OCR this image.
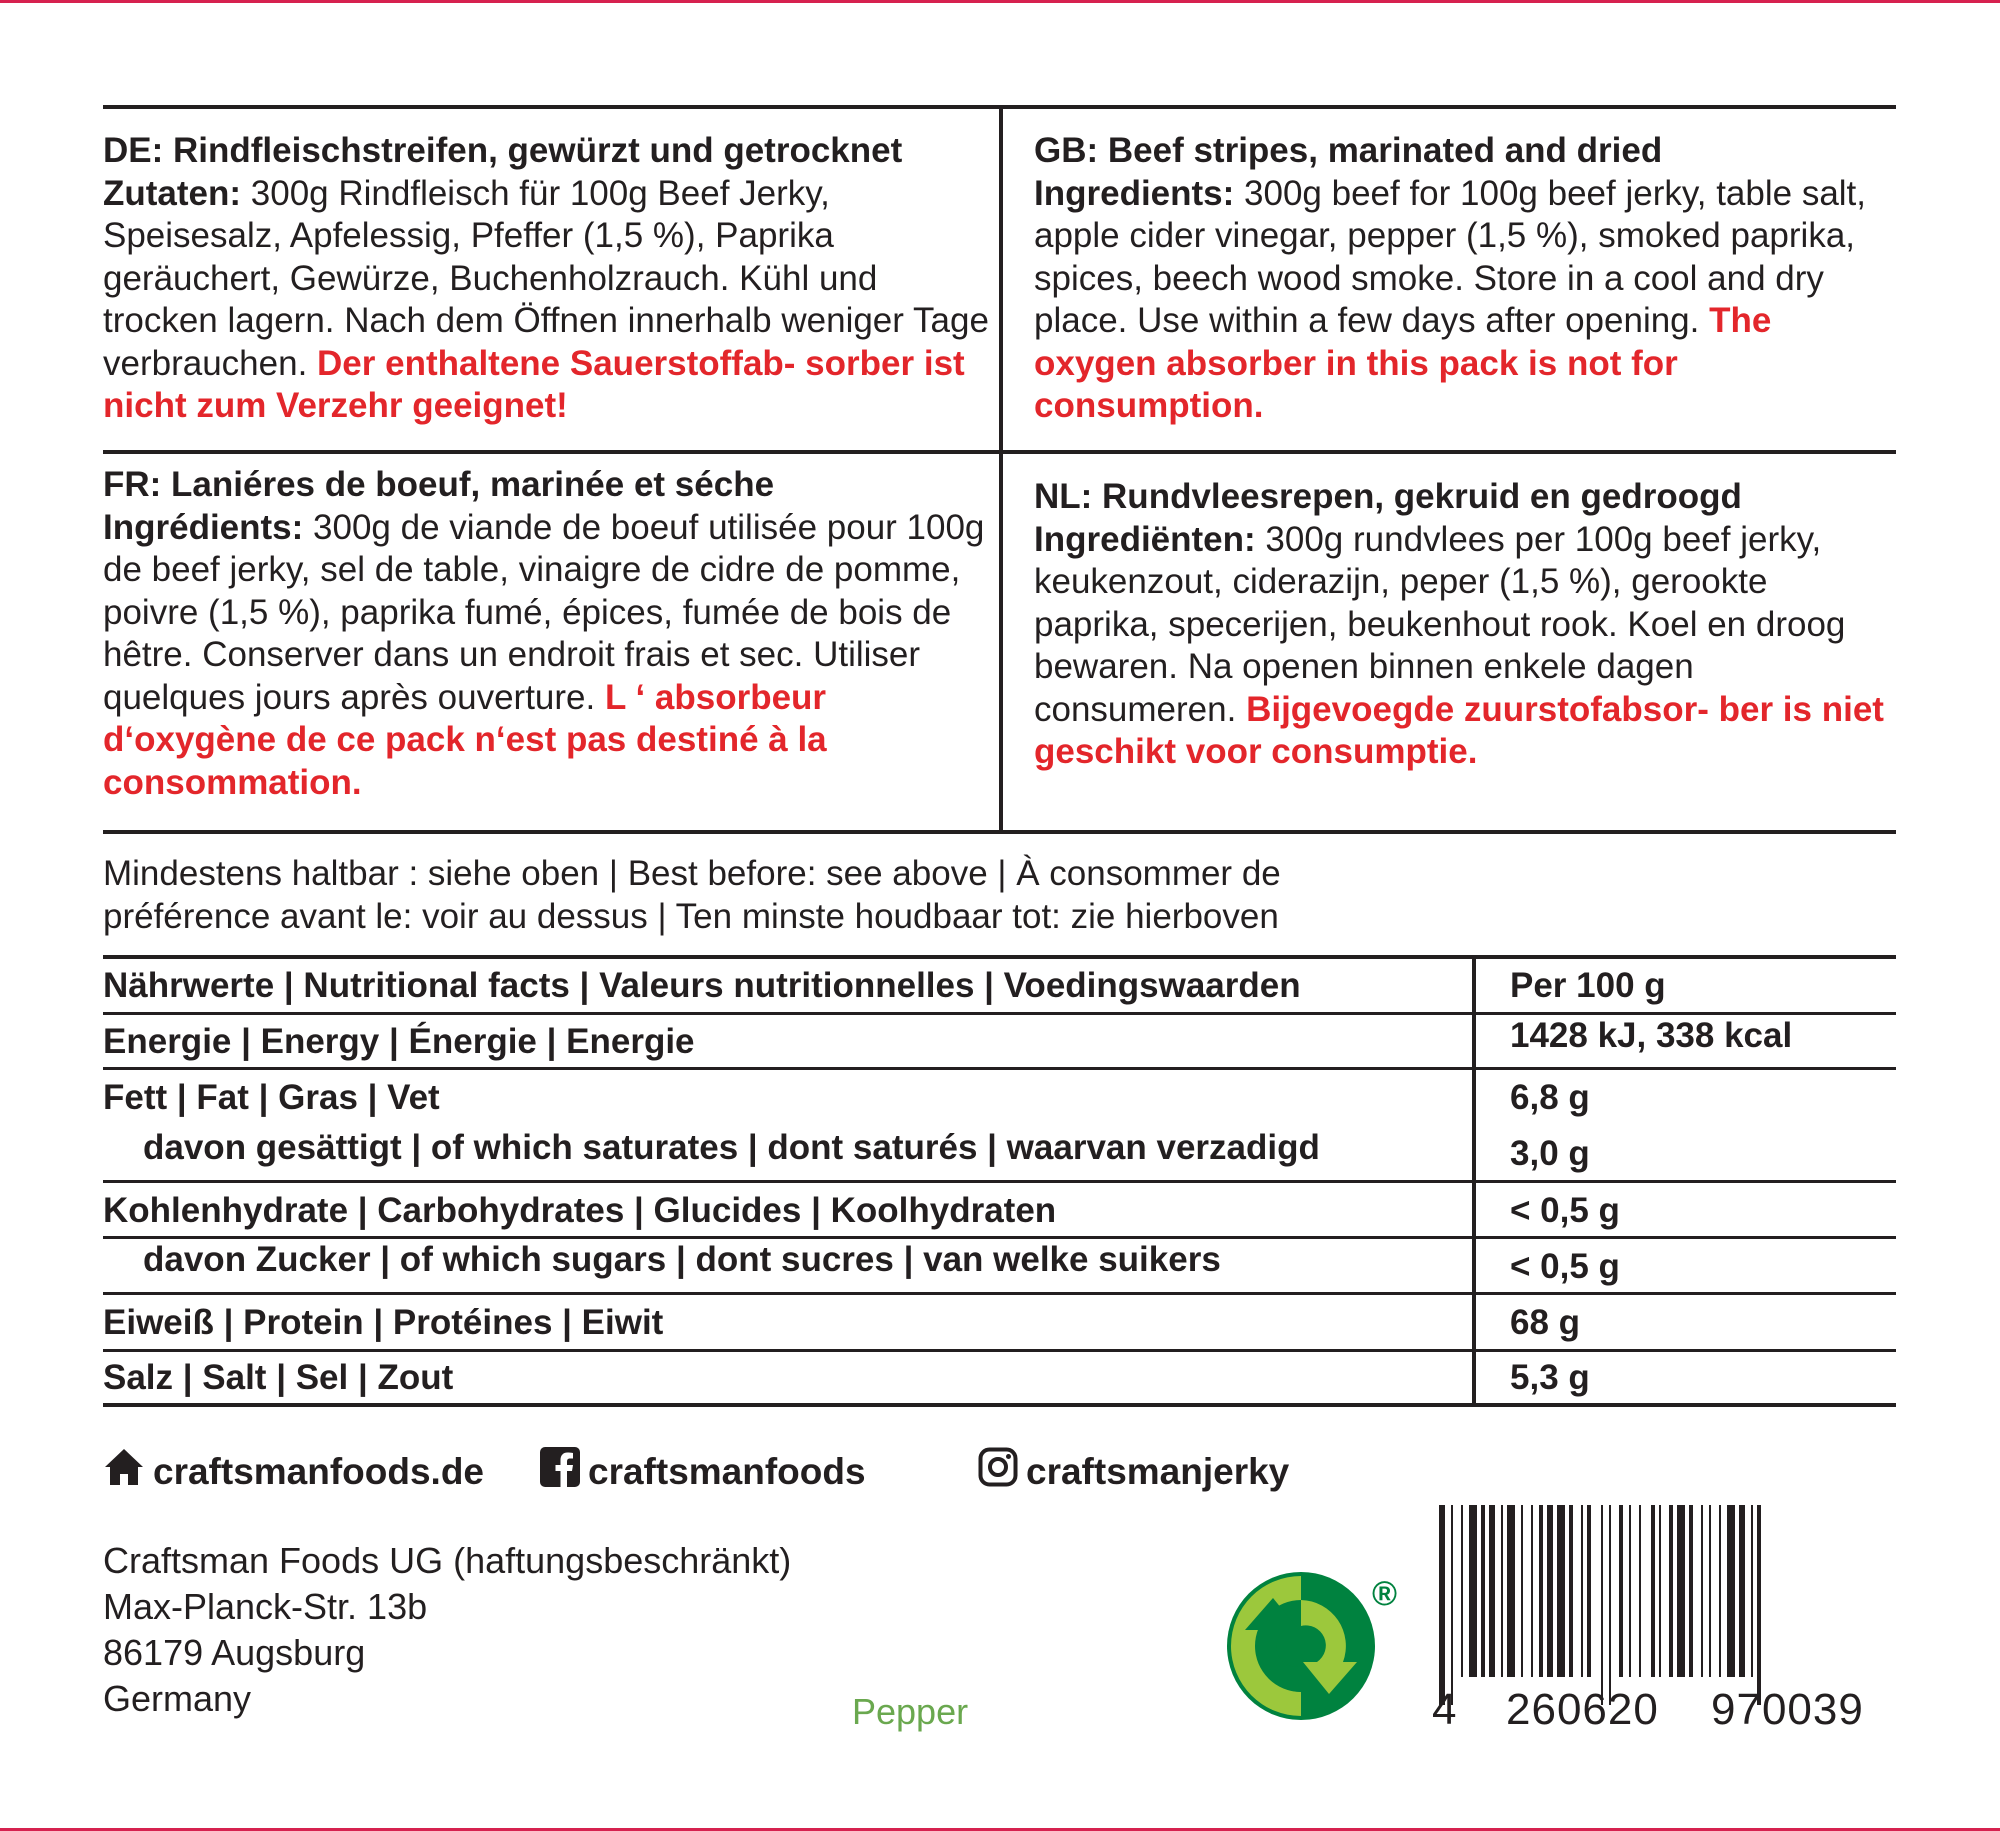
DE: Rindfleischstreifen, gewürzt und getrocknet
Zutaten: 300g Rindfleisch für 100g Beef Jerky, Speisesalz, Apfelessig, Pfeffer (1,5 %), Paprika geräuchert, Gewürze, Buchenholzrauch. Kühl und trocken lagern. Nach dem Öffnen innerhalb weniger Tage verbrauchen. Der enthaltene Sauerstoffab- sorber ist nicht zum Verzehr geeignet!
GB: Beef stripes, marinated and dried
Ingredients: 300g beef for 100g beef jerky, table salt, apple cider vinegar, pepper (1,5 %), smoked paprika, spices, beech wood smoke. Store in a cool and dry place. Use within a few days after opening. The oxygen absorber in this pack is not for consumption.
FR: Laniéres de boeuf, marinée et séche
Ingrédients: 300g de viande de boeuf utilisée pour 100g de beef jerky, sel de table, vinaigre de cidre de pomme, poivre (1,5 %), paprika fumé, épices, fumée de bois de hêtre. Conserver dans un endroit frais et sec. Utiliser quelques jours après ouverture. L ‘ absorbeur d‘oxygène de ce pack n‘est pas destiné à la consommation.
NL: Rundvleesrepen, gekruid en gedroogd
Ingrediënten: 300g rundvlees per 100g beef jerky, keukenzout, ciderazijn, peper (1,5 %), gerookte paprika, specerijen, beukenhout rook. Koel en droog bewaren. Na openen binnen enkele dagen consumeren. Bijgevoegde zuurstofabsor- ber is niet geschikt voor consumptie.
Mindestens haltbar : siehe oben | Best before: see above | À consommer de
préférence avant le: voir au dessus | Ten minste houdbaar tot: zie hierboven
Nährwerte | Nutritional facts | Valeurs nutritionnelles | Voedingswaarden	Per 100 g
Energie | Energy | Énergie | Energie	1428 kJ, 338 kcal
Fett | Fat | Gras | Vet	6,8 g
davon gesättigt | of which saturates | dont saturés | waarvan verzadigd	3,0 g
Kohlenhydrate | Carbohydrates | Glucides | Koolhydraten	< 0,5 g
davon Zucker | of which sugars | dont sucres | van welke suikers	< 0,5 g
Eiweiß | Protein | Protéines | Eiwit	68 g
Salz | Salt | Sel | Zout	5,3 g
craftsmanfoods.de	craftsmanfoods	craftsmanjerky
Craftsman Foods UG (haftungsbeschränkt)
Max-Planck-Str. 13b
86179 Augsburg
Germany	Pepper
®
4 260620 970039
